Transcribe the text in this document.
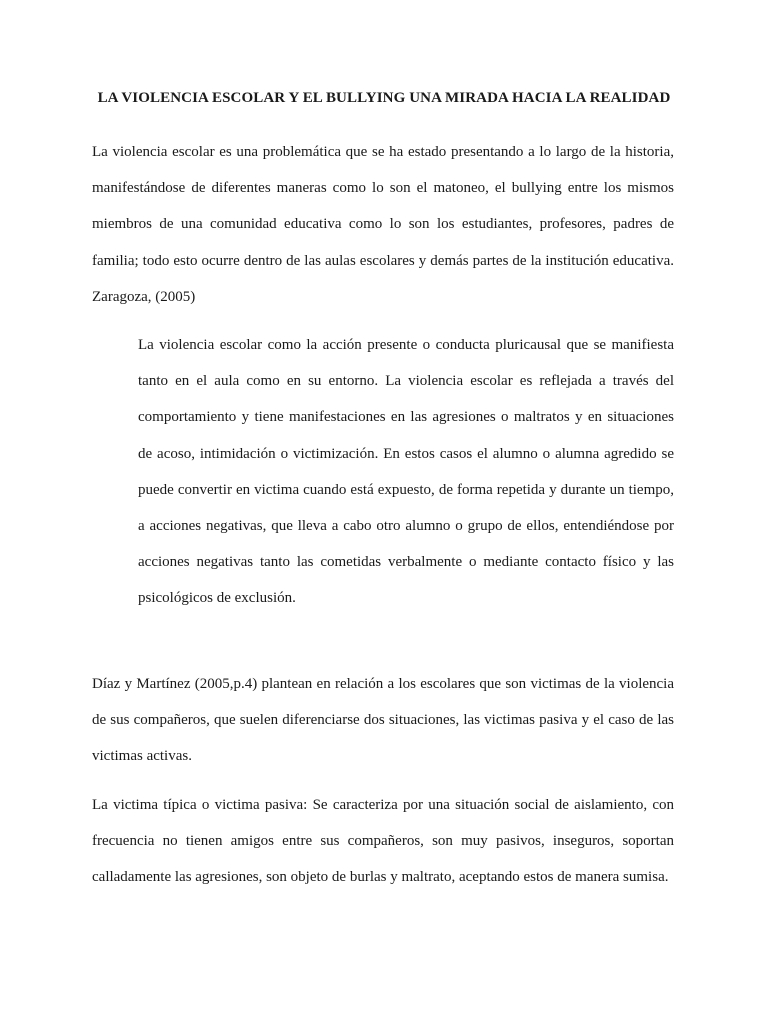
LA VIOLENCIA ESCOLAR Y EL BULLYING UNA MIRADA HACIA LA REALIDAD
La violencia escolar es una problemática que se ha estado presentando a lo largo de la historia, manifestándose de diferentes maneras como lo son el matoneo, el bullying entre los mismos miembros de una comunidad educativa como lo son los estudiantes, profesores, padres de familia; todo esto ocurre dentro de las aulas escolares y demás partes de la institución educativa. Zaragoza, (2005)
La violencia escolar como la acción presente o conducta pluricausal que se manifiesta tanto en el aula como en su entorno. La violencia escolar es reflejada a través del comportamiento y tiene manifestaciones en las agresiones o maltratos y en situaciones de acoso, intimidación o victimización. En estos casos el alumno o alumna agredido se puede convertir en victima cuando está expuesto, de forma repetida y durante un tiempo, a acciones negativas, que lleva a cabo otro alumno o grupo de ellos, entendiéndose por acciones negativas tanto las cometidas verbalmente o mediante contacto físico y las psicológicos de exclusión.
Díaz y Martínez (2005,p.4) plantean en relación a los escolares que son victimas de la violencia de sus compañeros, que suelen diferenciarse dos situaciones, las victimas pasiva y el caso de las victimas activas.
La victima típica o victima pasiva: Se caracteriza por una situación social de aislamiento, con frecuencia no tienen amigos entre sus compañeros, son muy pasivos, inseguros, soportan calladamente las agresiones, son objeto de burlas y maltrato, aceptando estos de manera sumisa.
